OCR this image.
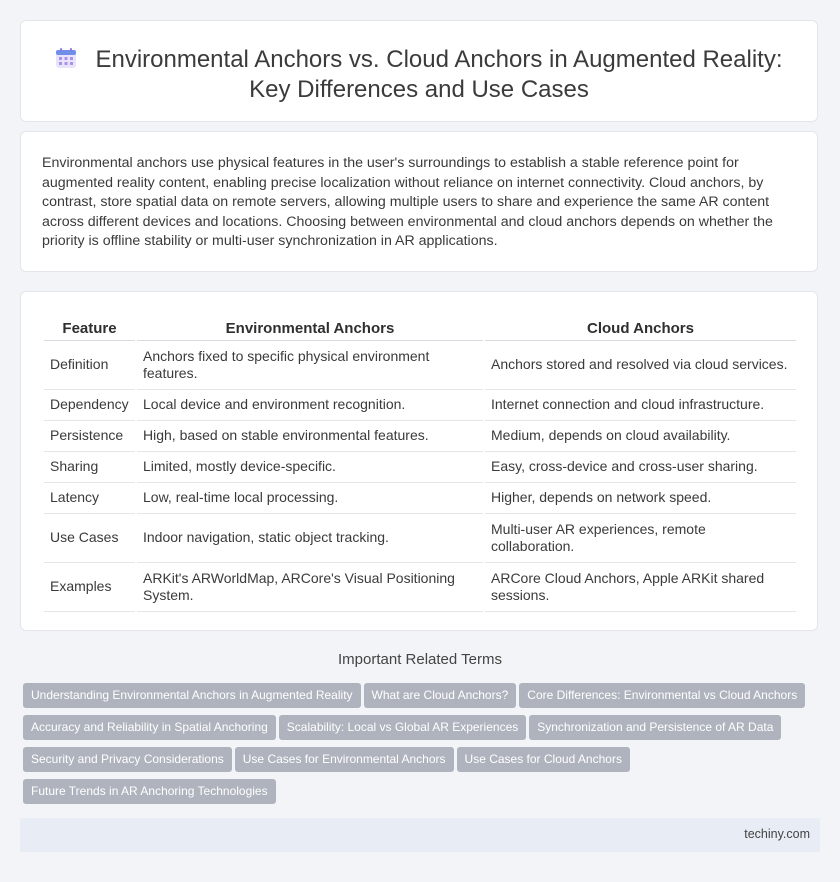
Environmental Anchors vs. Cloud Anchors in Augmented Reality:
Key Differences and Use Cases

Environmental anchors use physical features in the user's surroundings to establish a stable reference point for augmented reality content, enabling precise localization without reliance on internet connectivity. Cloud anchors, by contrast, store spatial data on remote servers, allowing multiple users to share and experience the same AR content across different devices and locations. Choosing between environmental and cloud anchors depends on whether the priority is offline stability or multi-user synchronization in AR applications.

Feature	Environmental Anchors	Cloud Anchors
Definition	Anchors fixed to specific physical environment features.	Anchors stored and resolved via cloud services.
Dependency	Local device and environment recognition.	Internet connection and cloud infrastructure.
Persistence	High, based on stable environmental features.	Medium, depends on cloud availability.
Sharing	Limited, mostly device-specific.	Easy, cross-device and cross-user sharing.
Latency	Low, real-time local processing.	Higher, depends on network speed.
Use Cases	Indoor navigation, static object tracking.	Multi-user AR experiences, remote collaboration.
Examples	ARKit's ARWorldMap, ARCore's Visual Positioning System.	ARCore Cloud Anchors, Apple ARKit shared sessions.
Important Related Terms
Understanding Environmental Anchors in Augmented Reality What are Cloud Anchors? Core Differences: Environmental vs Cloud Anchors
Accuracy and Reliability in Spatial Anchoring Scalability: Local vs Global AR Experiences Synchronization and Persistence of AR Data
Security and Privacy Considerations Use Cases for Environmental Anchors Use Cases for Cloud Anchors
Future Trends in AR Anchoring Technologies
techiny.com
